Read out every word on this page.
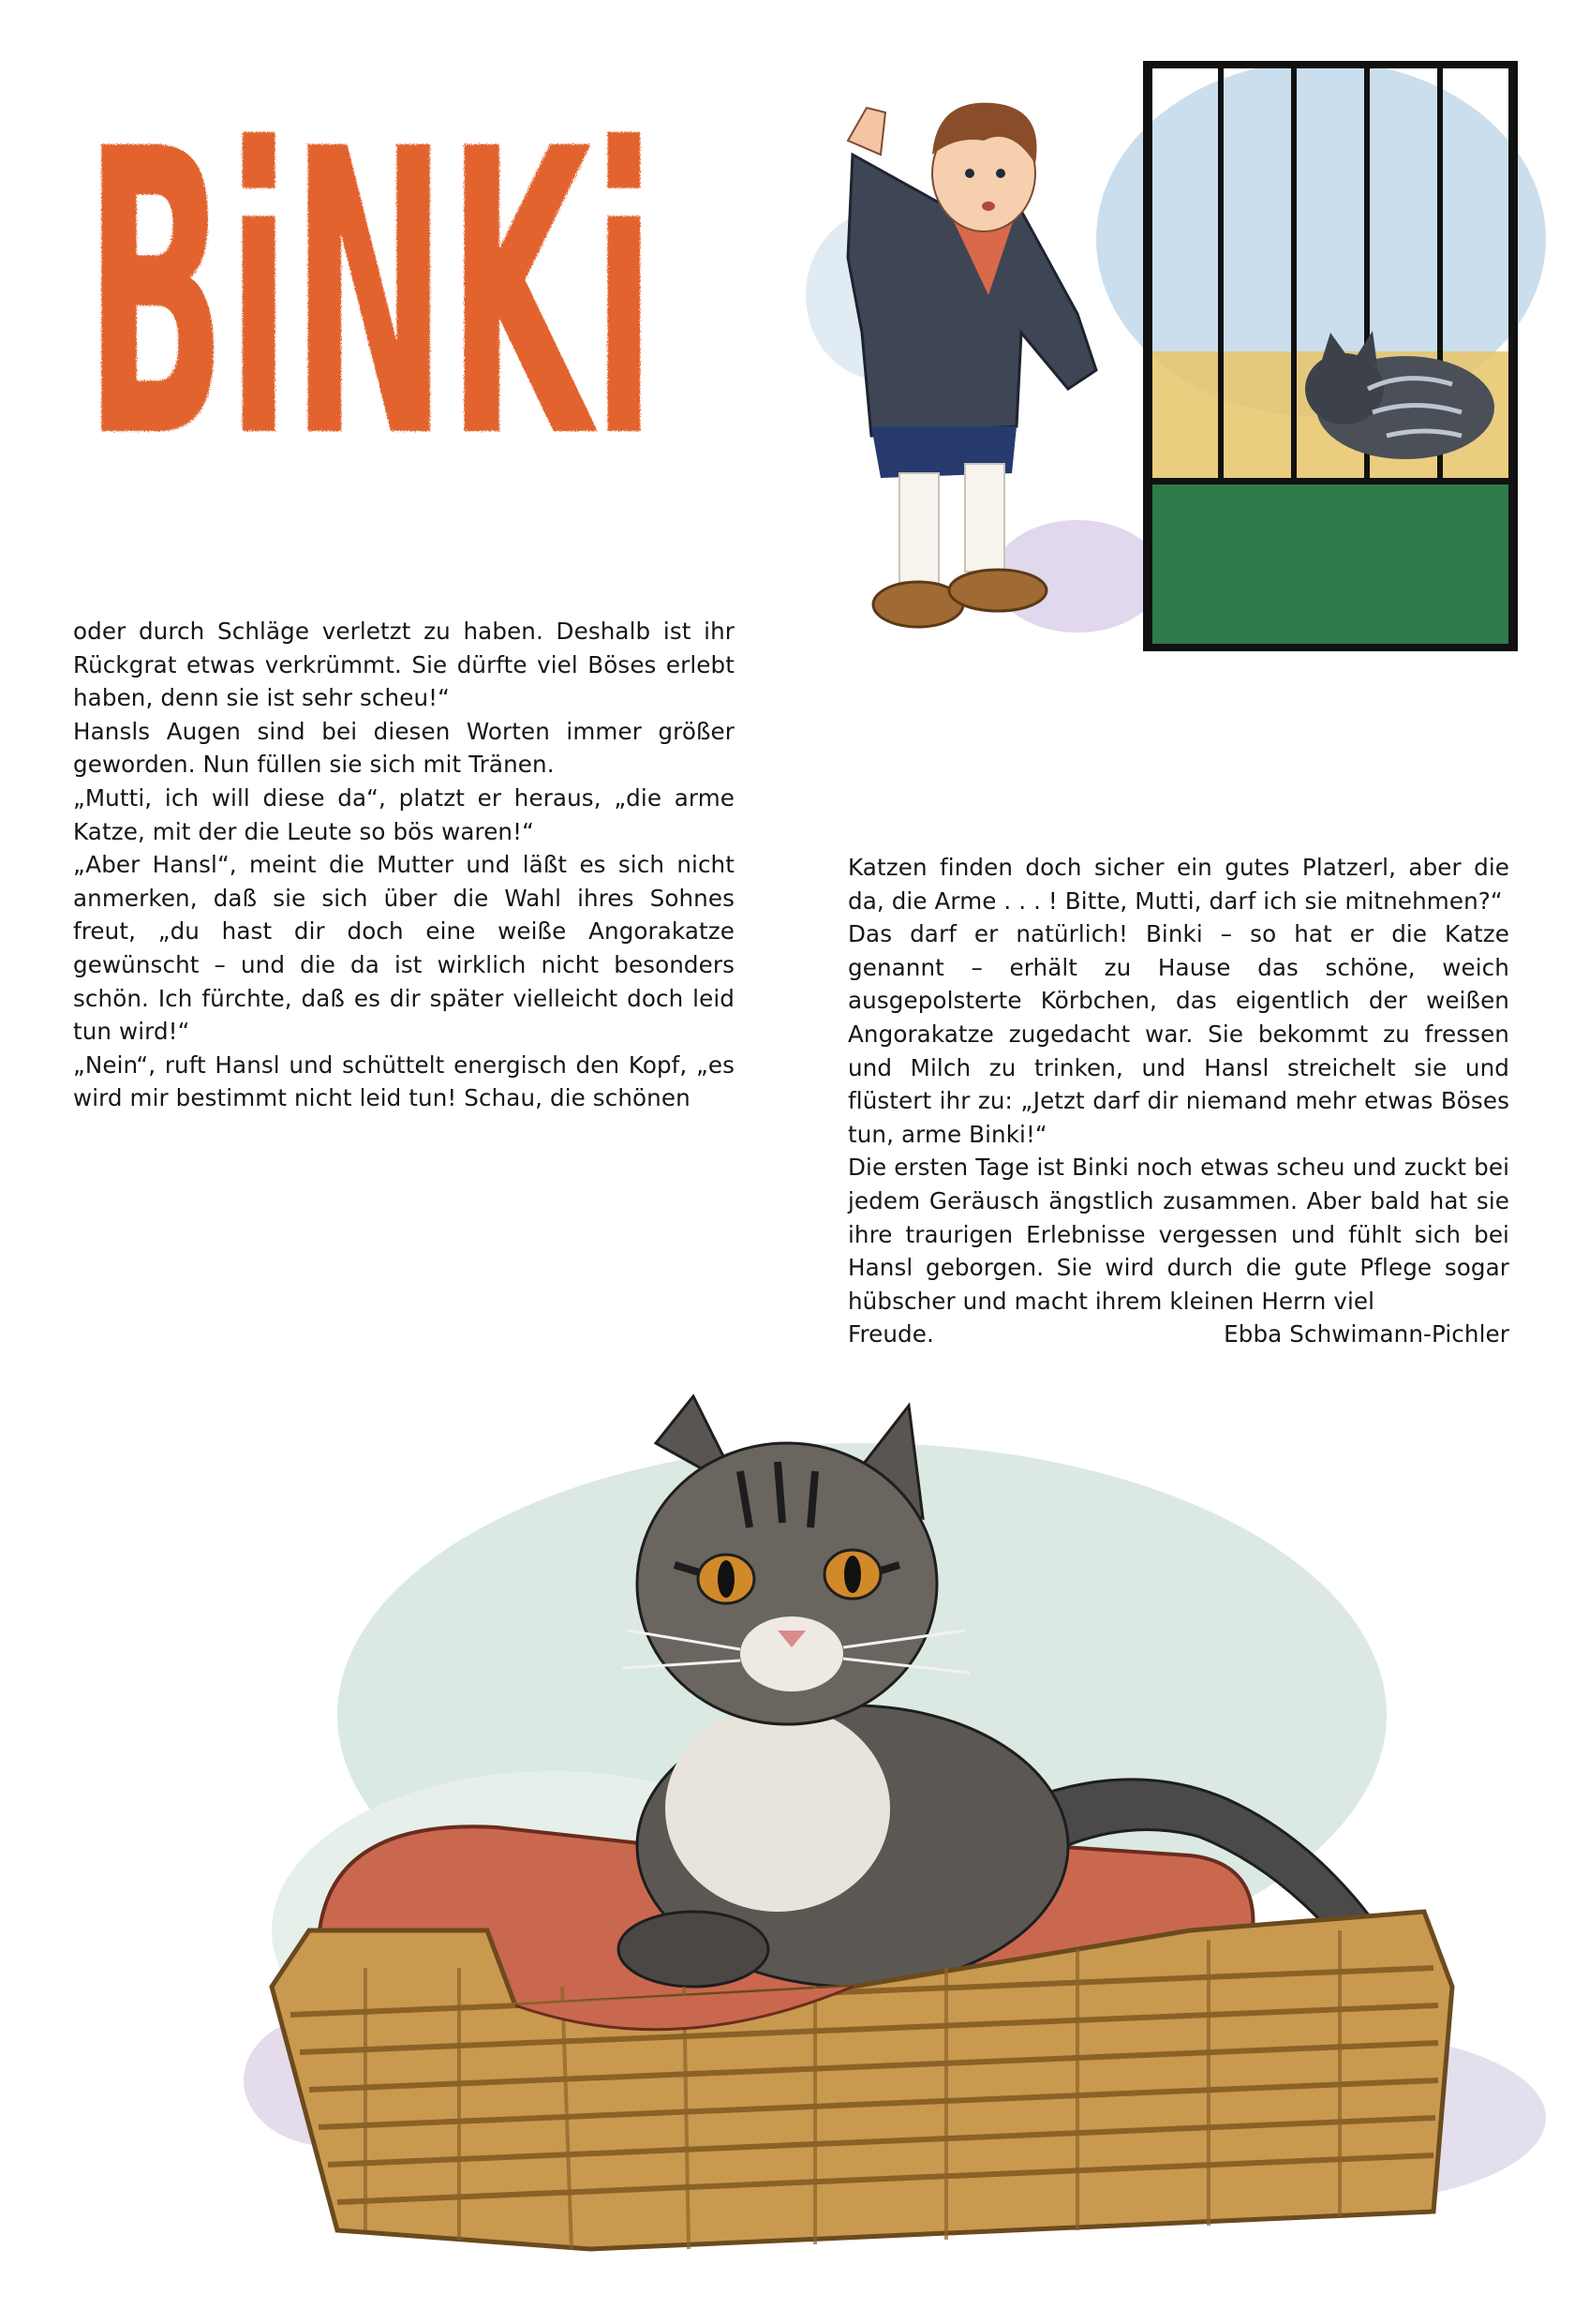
BiNKi

oder durch Schläge verletzt zu haben. Deshalb ist ihr Rückgrat etwas verkrümmt. Sie dürfte viel Böses erlebt haben, denn sie ist sehr scheu!“

Hansls Augen sind bei diesen Worten immer größer geworden. Nun füllen sie sich mit Tränen.

„Mutti, ich will diese da“, platzt er heraus, „die arme Katze, mit der die Leute so bös waren!“

„Aber Hansl“, meint die Mutter und läßt es sich nicht anmerken, daß sie sich über die Wahl ihres Sohnes freut, „du hast dir doch eine weiße Angorakatze gewünscht – und die da ist wirklich nicht besonders schön. Ich fürchte, daß es dir später vielleicht doch leid tun wird!“

„Nein“, ruft Hansl und schüttelt energisch den Kopf, „es wird mir bestimmt nicht leid tun! Schau, die schönen

Katzen finden doch sicher ein gutes Platzerl, aber die da, die Arme . . . ! Bitte, Mutti, darf ich sie mitnehmen?“

Das darf er natürlich! Binki – so hat er die Katze genannt – erhält zu Hause das schöne, weich ausgepolsterte Körbchen, das eigentlich der weißen Angorakatze zugedacht war. Sie bekommt zu fressen und Milch zu trinken, und Hansl streichelt sie und flüstert ihr zu: „Jetzt darf dir niemand mehr etwas Böses tun, arme Binki!“

Die ersten Tage ist Binki noch etwas scheu und zuckt bei jedem Geräusch ängstlich zusammen. Aber bald hat sie ihre traurigen Erlebnisse vergessen und fühlt sich bei Hansl geborgen. Sie wird durch die gute Pflege sogar hübscher und macht ihrem kleinen Herrn viel

Freude.	Ebba Schwimann-Pichler
